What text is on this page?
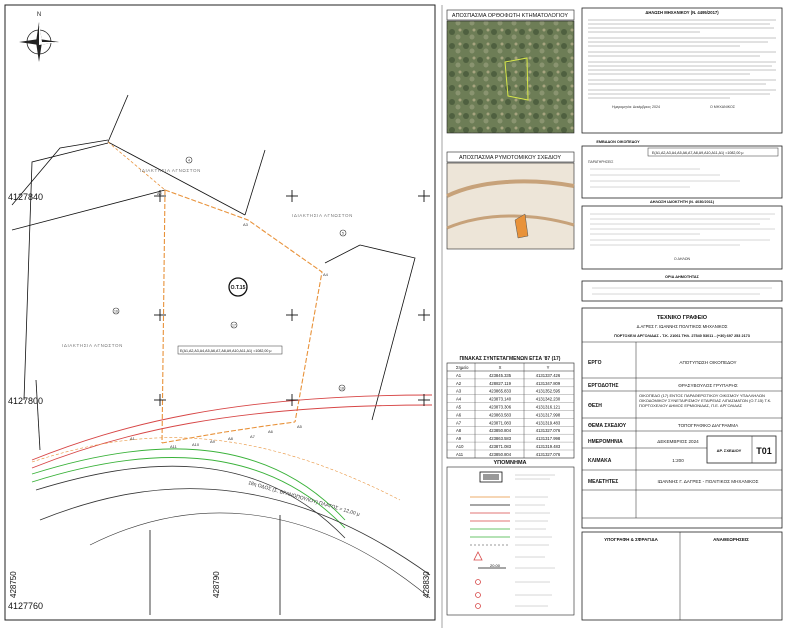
N
4127840
4127800
4127760
428750	428790	428830
ΙΔΙΑΚΤΗΣΙΑ ΑΓΝΩΣΤΟΝ
ΙΔΙΑΚΤΗΣΙΑ ΑΓΝΩΣΤΟΝ
ΙΔΙΑΚΤΗΣΙΑ ΑΓΝΩΣΤΟΝ
4
5
16
17
18
Ο.Τ.15
Ε(Α1,Α2,Α3,Α4,Α5,Α6,Α7,Α8,Α9,Α10,Α11,Α1) =1082,00 μ
Α1
Α2
Α3
Α4
Α5
Α6
Α7
Α8
Α9
Α10
Α11
18η ΟΔΟΣ (Σ. ΒΡΑΝΟΠΟΥΛΟΥ) ΠΛΑΤΟΣ = 12,00 μ
ΑΠΟΣΠΑΣΜΑ ΟΡΘΟΦΩΤΗ ΚΤΗΜΑΤΟΛΟΓΙΟΥ
ΑΠΟΣΠΑΣΜΑ ΡΥΜΟΤΟΜΙΚΟΥ ΣΧΕΔΙΟΥ
ΠΙΝΑΚΑΣ ΣΥΝΤΕΤΑΓΜΕΝΩΝ ΕΓΣΑ '87 (17)
Σημείο	Χ	Υ
Α1	423845.335	4131337.426
Α2	428827.119	4131347.809
Α3	423865.833	4131352.595
Α4	423873.140	4131342.230
Α5	423873.306	4131316.121
Α6	423863.583	4131317.998
Α7	423871.083	4131319.483
Α8	423850.804	4131327.076
Α9	423863.583	4131317.998
Α10	423871.083	4131319.483
Α11	423850.804	4131327.076
ΥΠΟΜΝΗΜΑ
20.00
ΔΗΛΩΣΗ ΜΗΧΑΝΙΚΟΥ (Ν. 4495/2017)
Ημερομηνία: Δεκέμβριος 2024	Ο ΜΗΧΑΝΙΚΟΣ
ΕΜΒΑΔΟΝ ΟΙΚΟΠΕΔΟΥ
Ε(Α1,Α2,Α3,Α4,Α5,Α6,Α7,Α8,Α9,Α10,Α11,Α1) =1082,00 μ
ΠΑΡΑΤΗΡΗΣΕΙΣ
ΔΗΛΩΣΗ ΙΔΙΟΚΤΗΤΗ (Ν. 4030/2011)
Ο ΔΗΛΩΝ
ΟΡΙΑ ΔΗΜΟΤΗΤΑΣ
ΤΕΧΝΙΚΟ ΓΡΑΦΕΙΟ
Δ.ΑΓΡΕΣ Γ. ΙΩΑΝΝΗΣ ΠΟΛΙΤΙΚΟΣ ΜΗΧΑΝΙΚΟΣ
ΠΟΡΤΟΧΕΛΙ ΑΡΓΟΛΙΔΑΣ - Τ.Κ. 21061 ΤΗΛ. 27540 53011 - (+30) 697 253 2173
ΕΡΓΟ	ΑΠΟΤΥΠΩΣΗ ΟΙΚΟΠΕΔΟΥ
ΕΡΓΟΔΟΤΗΣ	ΘΡΑΣΥΒΟΥΛΟΣ ΓΡΥΠΑΡΗΣ
ΘΕΣΗ
ΟΙΚΟΠΕΔΟ (17) ΕΝΤΟΣ ΠΑΡΑΘΕΡΙΣΤΙΚΟΥ ΟΙΚΙΣΜΟΥ ΥΠΑΛΛΗΛΩΝ ΟΙΚΟΔΟΜΙΚΟΥ ΣΥΝΕΤΑΙΡΙΣΜΟΥ ΕΤΑΙΡΕΙΑΣ ΛΙΠΑΣΜΑΤΩΝ (Ο.Τ.15) Τ.Κ. ΠΟΡΤΟΧΕΛΙΟΥ ΔΗΜΟΣ ΕΡΜΙΟΝΙΔΑΣ, Π.Ε. ΑΡΓΟΛΙΔΑΣ
ΘΕΜΑ ΣΧΕΔΙΟΥ	ΤΟΠΟΓΡΑΦΙΚΟ ΔΙΑΓΡΑΜΜΑ
ΗΜΕΡΟΜΗΝΙΑ	ΔΕΚΕΜΒΡΙΟΣ 2024
ΚΛΙΜΑΚΑ	1:200
ΜΕΛΕΤΗΤΕΣ	ΙΩΑΝΝΗΣ Γ. ΔΑΓΡΕΣ - ΠΟΛΙΤΙΚΟΣ ΜΗΧΑΝΙΚΟΣ
ΑΡ. ΣΧΕΔΙΟΥ Τ01
ΥΠΟΓΡΑΦΗ & ΣΦΡΑΓΙΔΑ	ΑΝΑΘΕΩΡΗΣΕΙΣ
